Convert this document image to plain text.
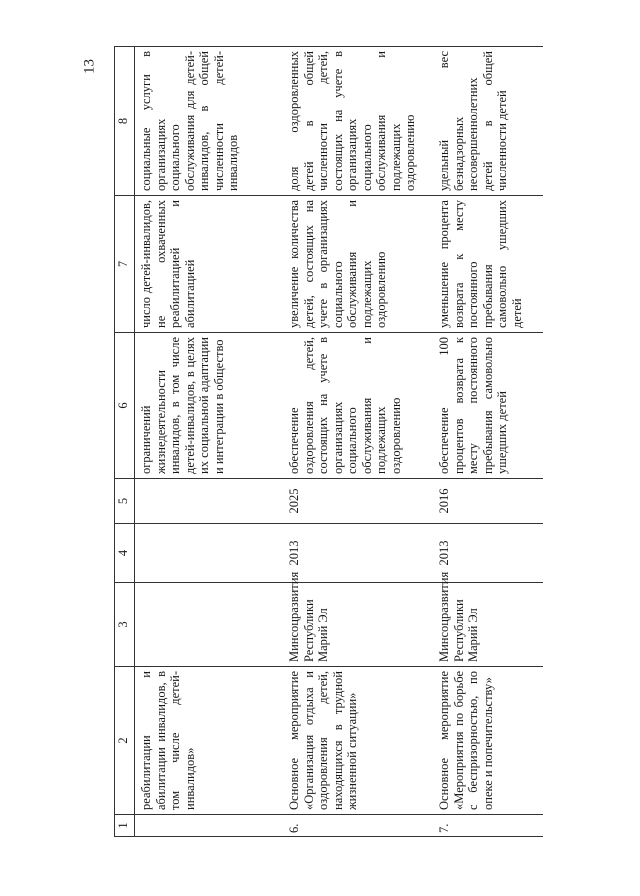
13
1	2	3	4	5	6	7	8
	реабилитации и абилитации инвалидов, в том числе детей-инвалидов»				ограничений жизнедеятельности инвалидов, в том числе детей-инвалидов, в целях их социальной адаптации и интеграции в общество	число детей-инвалидов, не охваченных реабилитацией и абилитацией	социальные услуги в организациях социального обслуживания для детей-инвалидов, в общей численности детей-инвалидов
6.	Основное мероприятие «Организация отдыха и оздоровления детей, находящихся в трудной жизненной ситуации»	Минсоцразвития Республики Марий Эл	2013	2025	обеспечение оздоровления детей, состоящих на учете в организациях социального обслуживания и подлежащих оздоровлению	увеличение количества детей, состоящих на учете в организациях социального обслуживания и подлежащих оздоровлению	доля оздоровленных детей в общей численности детей, состоящих на учете в организациях социального обслуживания и подлежащих оздоровлению
7.	Основное мероприятие «Мероприятия по борьбе с беспризорностью, по опеке и попечительству»	Минсоцразвития Республики Марий Эл	2013	2016	обеспечение 100 процентов возврата к месту постоянного пребывания самовольно ушедших детей	уменьшение процента возврата к месту постоянного пребывания самовольно ушедших детей	удельный вес безнадзорных несовершеннолетних детей в общей численности детей
